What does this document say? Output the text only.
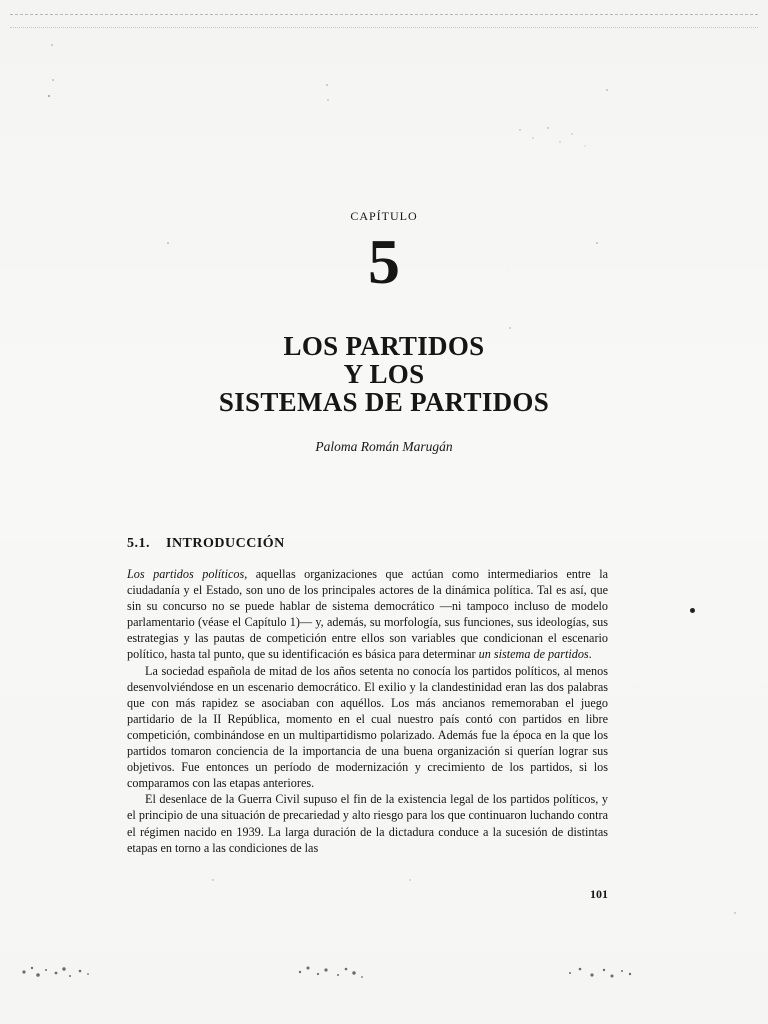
CAPÍTULO
5
LOS PARTIDOS
Y LOS
SISTEMAS DE PARTIDOS
Paloma Román Marugán
5.1. INTRODUCCIÓN

Los partidos políticos, aquellas organizaciones que actúan como intermediarios entre la ciudadanía y el Estado, son uno de los principales actores de la dinámica política. Tal es así, que sin su concurso no se puede hablar de sistema democrático —ni tampoco incluso de modelo parlamentario (véase el Capítulo 1)— y, además, su morfología, sus funciones, sus ideologías, sus estrategias y las pautas de competición entre ellos son variables que condicionan el escenario político, hasta tal punto, que su identificación es básica para determinar un sistema de partidos.

La sociedad española de mitad de los años setenta no conocía los partidos políticos, al menos desenvolviéndose en un escenario democrático. El exilio y la clandestinidad eran las dos palabras que con más rapidez se asociaban con aquéllos. Los más ancianos rememoraban el juego partidario de la II República, momento en el cual nuestro país contó con partidos en libre competición, combinándose en un multipartidismo polarizado. Además fue la época en la que los partidos tomaron conciencia de la importancia de una buena organización si querían lograr sus objetivos. Fue entonces un período de modernización y crecimiento de los partidos, si los comparamos con las etapas anteriores.

El desenlace de la Guerra Civil supuso el fin de la existencia legal de los partidos políticos, y el principio de una situación de precariedad y alto riesgo para los que continuaron luchando contra el régimen nacido en 1939. La larga duración de la dictadura conduce a la sucesión de distintas etapas en torno a las condiciones de las

101
